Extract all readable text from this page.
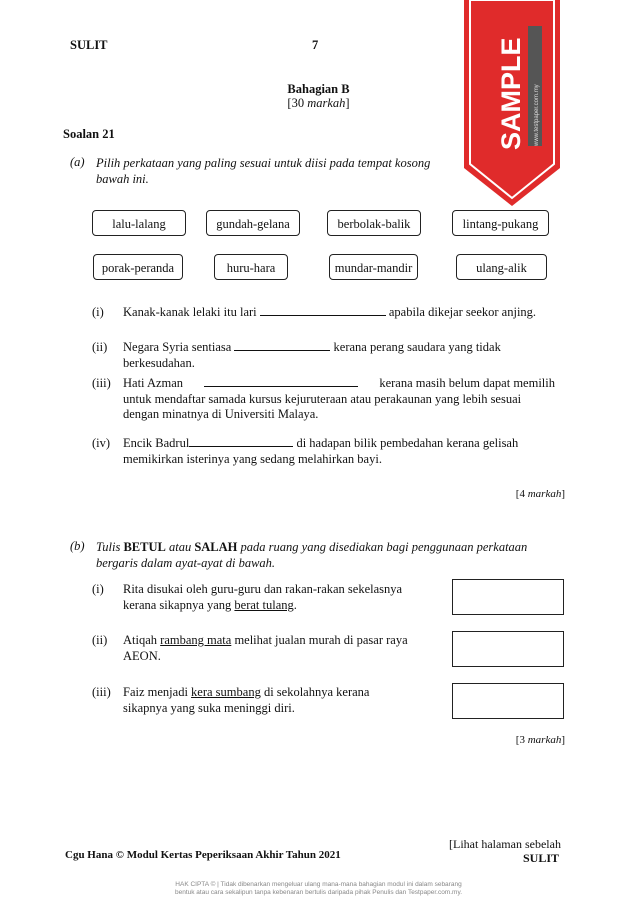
SULIT	7	SAMPLE www.testpaper.com.my
Bahagian B
[30 markah]
Soalan 21
(a) Pilih perkataan yang paling sesuai untuk diisi pada tempat kosong
bawah ini.
lalu-lalang	gundah-gelana	berbolak-balik	lintang-pukang
porak-peranda	huru-hara	mundar-mandir	ulang-alik
(i) Kanak-kanak lelaki itu lari	apabila dikejar seekor anjing.
(ii) Negara Syria sentiasa	kerana perang saudara yang tidak
berkesudahan.
(iii) Hati Azman	kerana masih belum dapat memilih
untuk mendaftar samada kursus kejuruteraan atau perakaunan yang lebih sesuai
dengan minatnya di Universiti Malaya.
(iv) Encik Badrul	di hadapan bilik pembedahan kerana gelisah
memikirkan isterinya yang sedang melahirkan bayi.
[4 markah]
(b) Tulis BETUL atau SALAH pada ruang yang disediakan bagi penggunaan perkataan
bergaris dalam ayat-ayat di bawah.
(i) Rita disukai oleh guru-guru dan rakan-rakan sekelasnya
kerana sikapnya yang berat tulang.
(ii) Atiqah rambang mata melihat jualan murah di pasar raya
AEON.
(iii) Faiz menjadi kera sumbang di sekolahnya kerana
sikapnya yang suka meninggi diri.
[3 markah]
Cgu Hana © Modul Kertas Peperiksaan Akhir Tahun 2021
[Lihat halaman sebelah
SULIT
HAK CIPTA © | Tidak dibenarkan mengeluar ulang mana-mana bahagian modul ini dalam sebarang
bentuk atau cara sekalipun tanpa kebenaran bertulis daripada pihak Penulis dan Testpaper.com.my.
